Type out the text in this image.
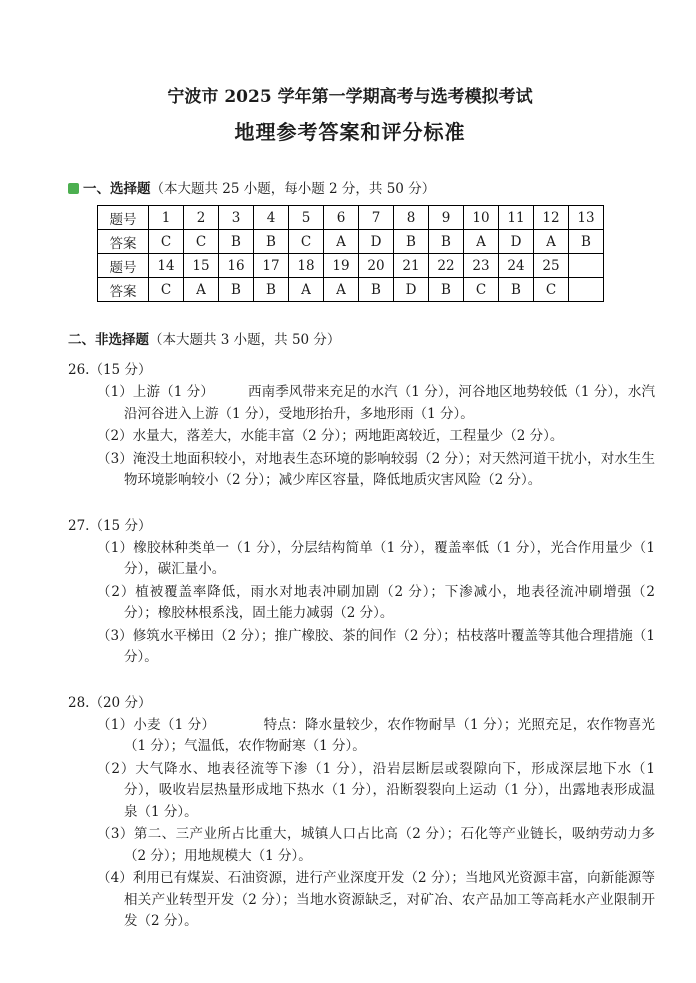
宁波市 2025 学年第一学期高考与选考模拟考试
地理参考答案和评分标准
一、选择题（本大题共 25 小题，每小题 2 分，共 50 分）
题号	1	2	3	4	5	6	7	8	9	10	11	12	13
答案	C	C	B	B	C	A	D	B	B	A	D	A	B
题号	14	15	16	17	18	19	20	21	22	23	24	25	
答案	C	A	B	B	A	A	B	D	B	C	B	C	
二、非选择题（本大题共 3 小题，共 50 分）
26.（15 分）
（1）上游（1 分）　　　西南季风带来充足的水汽（1 分），河谷地区地势较低（1 分），水汽沿河谷进入上游（1 分），受地形抬升，多地形雨（1 分）。
（2）水量大，落差大，水能丰富（2 分）；两地距离较近，工程量少（2 分）。
（3）淹没土地面积较小，对地表生态环境的影响较弱（2 分）；对天然河道干扰小，对水生生物环境影响较小（2 分）；减少库区容量，降低地质灾害风险（2 分）。
27.（15 分）
（1）橡胶林种类单一（1 分），分层结构简单（1 分），覆盖率低（1 分），光合作用量少（1 分），碳汇量小。
（2）植被覆盖率降低，雨水对地表冲刷加剧（2 分）；下渗减小，地表径流冲刷增强（2 分）；橡胶林根系浅，固土能力减弱（2 分）。
（3）修筑水平梯田（2 分）；推广橡胶、茶的间作（2 分）；枯枝落叶覆盖等其他合理措施（1 分）。
28.（20 分）
（1）小麦（1 分）　　　　特点：降水量较少，农作物耐旱（1 分）；光照充足，农作物喜光（1 分）；气温低，农作物耐寒（1 分）。
（2）大气降水、地表径流等下渗（1 分），沿岩层断层或裂隙向下，形成深层地下水（1 分），吸收岩层热量形成地下热水（1 分），沿断裂裂向上运动（1 分），出露地表形成温泉（1 分）。
（3）第二、三产业所占比重大，城镇人口占比高（2 分）；石化等产业链长，吸纳劳动力多（2 分）；用地规模大（1 分）。
（4）利用已有煤炭、石油资源，进行产业深度开发（2 分）；当地风光资源丰富，向新能源等相关产业转型开发（2 分）；当地水资源缺乏，对矿冶、农产品加工等高耗水产业限制开发（2 分）。
